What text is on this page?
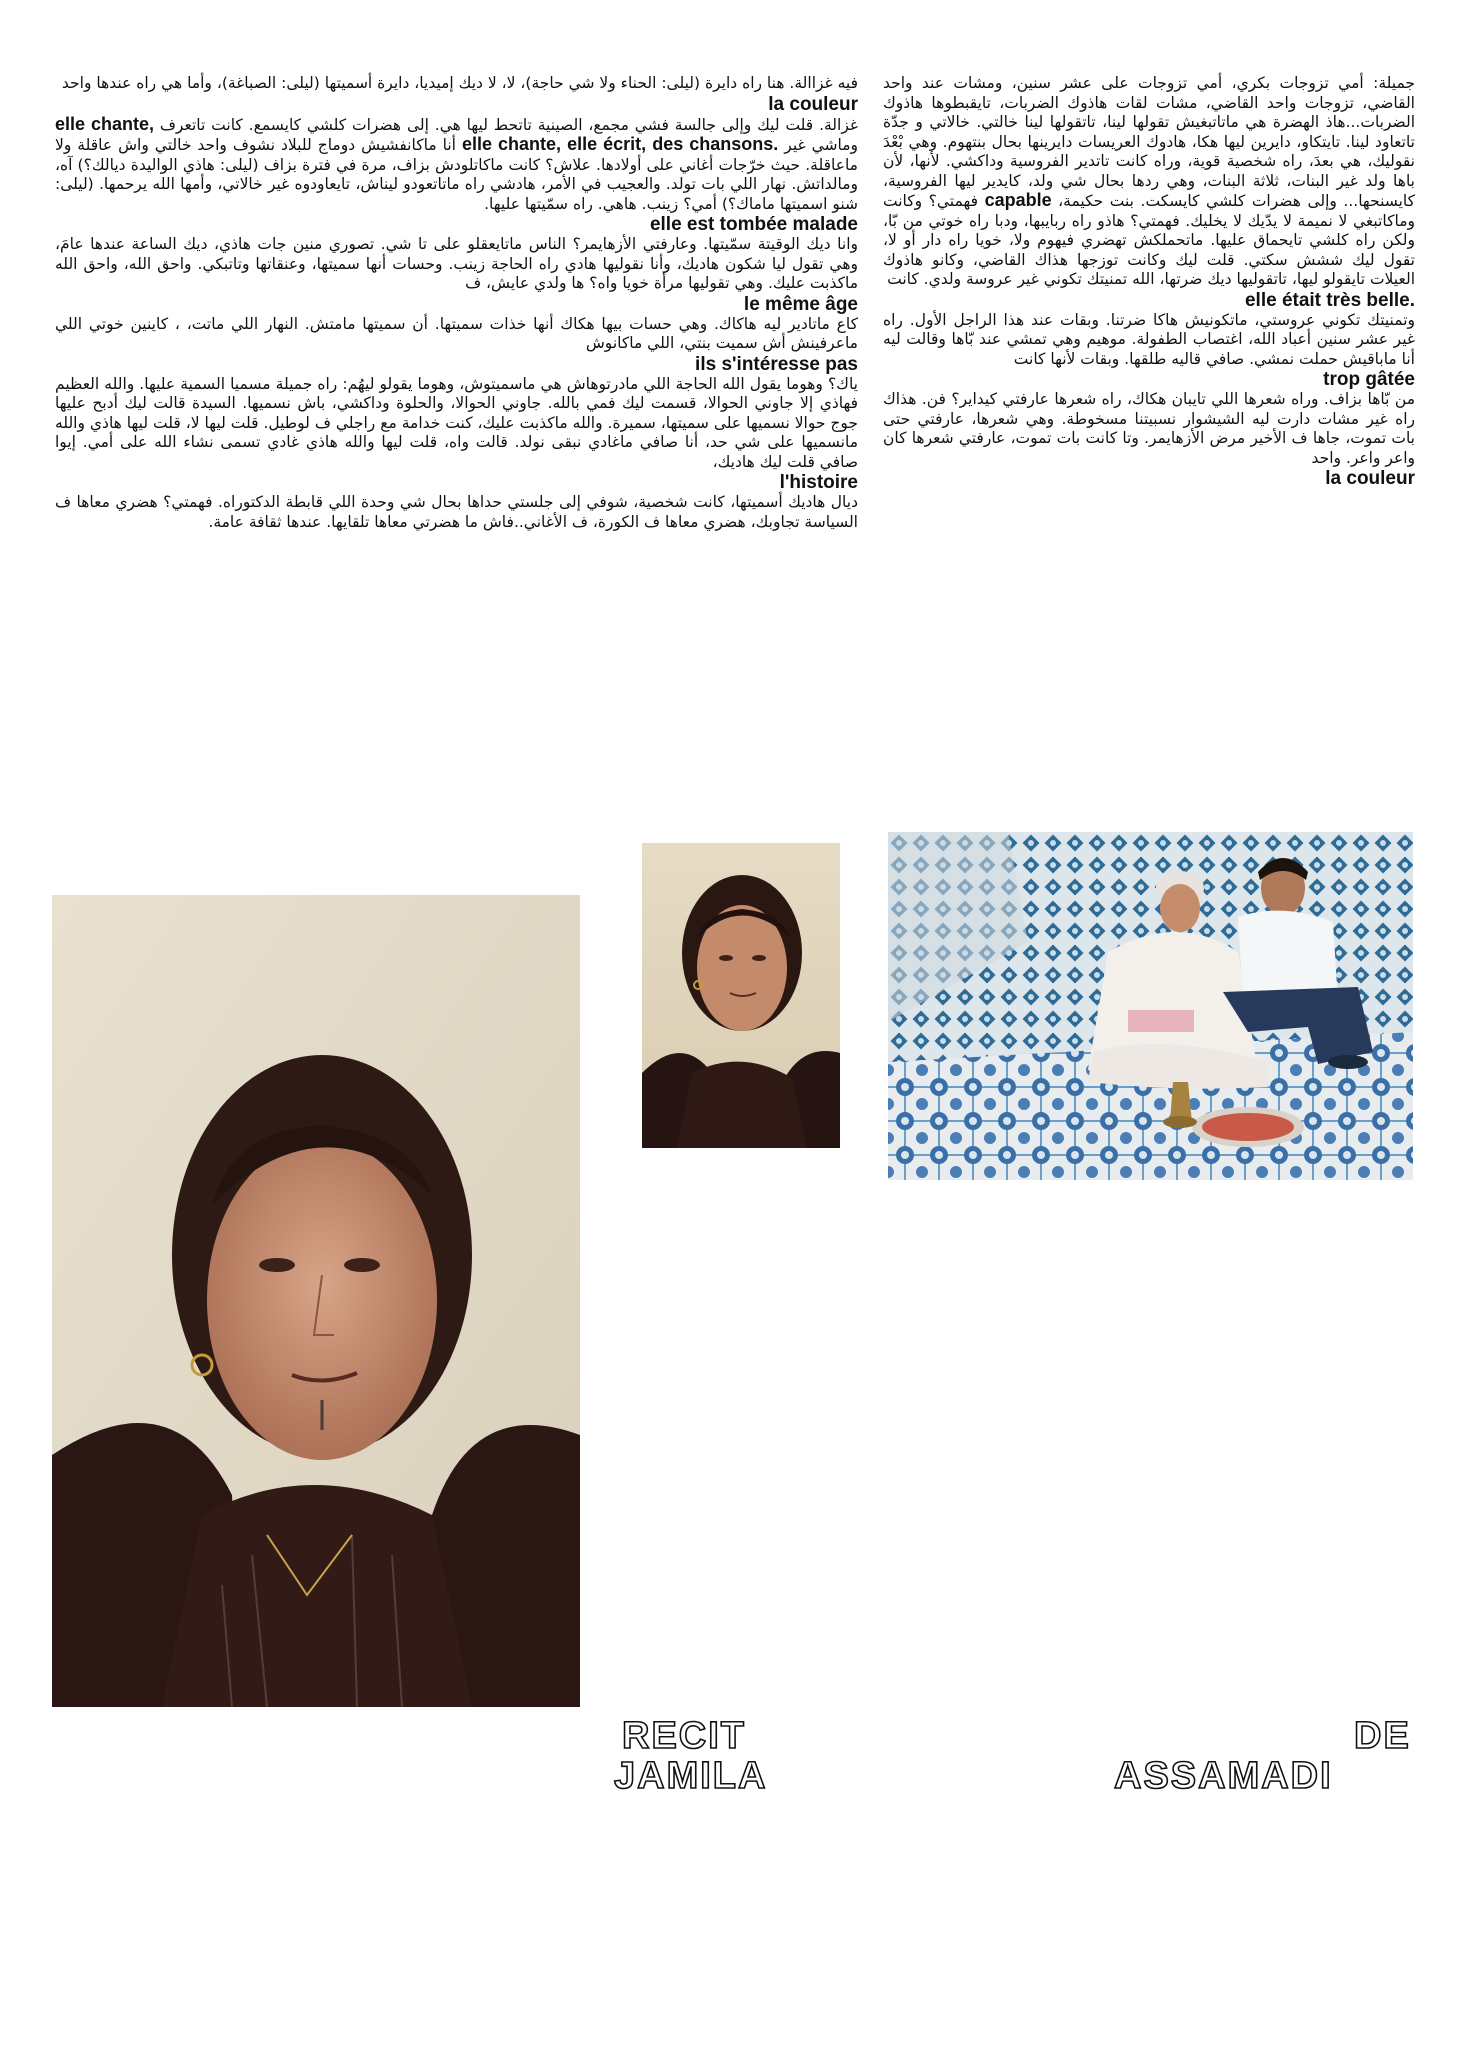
جميلة: أمي تزوجات بكري، أمي تزوجات على عشر سنين، ومشات عند واحد القاضي، تزوجات واحد القاضي، مشات لقات هاذوك الضربات، تايقبطوها هاذوك الضربات...هاذ الهضرة هي ماتاتبغيش تقولها لينا، تاتقولها لينا خالتي. خالاتي و جدّة تاتعاود لينا. تايتكاو، دايرين ليها هكا، هادوك العريسات دايرينها بحال بنتهوم. وهي بْعْدَ نقوليك، هي بعدَ، راه شخصية قوية، وراه كانت تاتدير الفروسية وداكشي. لأنها، لأن باها ولد غير البنات، ثلاثة البنات، وهي ردها بحال شي ولد، كايدير ليها الفروسية، كايسنحها... وإلى هضرات كلشي كايسكت. بنت حكيمة، capable فهمتي؟ وكانت وماكاتبغي لا نميمة لا يدّيك لا يخليك. فهمتي؟ هاذو راه ربايبها، ودبا راه خوتي من بّا، ولكن راه كلشي تايحماق عليها. ماتحملكش تهضري فيهوم ولا، خويا راه دار أو لا، تقول ليك ششش سكتي. قلت ليك وكانت توزجها هذاك القاضي، وكانو هاذوك العيلات تايقولو ليها، تاتقوليها ديك ضرتها، الله تمنيتك تكوني غير عروسة ولدي. كانت

elle était très belle.

وتمنيتك تكوني عروستي، ماتكونيش هاكا ضرتنا. وبقات عند هذا الراجل الأول. راه غير عشر سنين أعباد الله، اغتصاب الطفولة. موهيم وهي تمشي عند بّاها وقالت ليه أنا ماباقيش حملت نمشي. صافي قاليه طلقها. وبقات لأنها كانت

trop gâtée

من بّاها بزاف. وراه شعرها اللي تايبان هكاك، راه شعرها عارفتي كيداير؟ فن. هذاك راه غير مشات دارت ليه الشيشوار نسبيتنا مسخوطة. وهي شعرها، عارفتي حتى بات تموت، جاها ف الأخير مرض الأزهايمر. وتا كانت بات تموت، عارفتي شعرها كان واعر واعر. واحد

la couleur

فيه غزاالة. هنا راه دايرة (ليلى: الحناء ولا شي حاجة)، لا، لا ديك إميديا، دايرة أسميتها (ليلى: الصباغة)، وأما هي راه عندها واحد

la couleur

غزالة. قلت ليك وإلى جالسة فشي مجمع، الصينية تاتحط ليها هي. إلى هضرات كلشي كايسمع. كانت تاتعرف elle chante, وماشي غير elle chante, elle écrit, des chansons. أنا ماكانفشيش دوماج للبلاد نشوف واحد خالتي واش عاقلة ولا ماعاقلة. حيث خرّجات أغاني على أولادها. علاش؟ كانت ماكاتلودش بزاف، مرة في فترة بزاف (ليلى: هاذي الواليدة ديالك؟) آه، ومالداتش. نهار اللي بات تولد. والعجيب في الأمر، هادشي راه ماتاتعودو ليناش، تايعاودوه غير خالاتي، وأمها الله يرحمها. (ليلى: شنو اسميتها ماماك؟) أمي؟ زينب. هاهي. راه سمّيتها عليها.

elle est tombée malade

وانا ديك الوقيتة سمّيتها. وعارفتي الأزهايمر؟ الناس ماتايعقلو على تا شي. تصوري منين جات هاذي، ديك الساعة عندها عامَ، وهي تقول ليا شكون هاديك، وأنا نقوليها هادي راه الحاجة زينب. وحسات أنها سميتها، وعنقاتها وتاتبكي. واحق الله، واحق الله ماكذبت عليك. وهي تقوليها مرأة خويا واه؟ ها ولدي عايش، ف

le même âge

كاع ماتادير ليه هاكاك. وهي حسات بيها هكاك أنها خذات سميتها. أن سميتها مامتش. النهار اللي ماتت، ، كاينين خوتي اللي ماعرفينش أش سميت بنتي، اللي ماكانوش

ils s'intéresse pas

ياك؟ وهوما يقول الله الحاجة اللي مادرتوهاش هي ماسميتوش، وهوما يقولو ليهُم: راه جميلة مسميا السمية عليها. والله العظيم فهاذي إلا جاوني الحوالا، قسمت ليك فمي بالله. جاوني الحوالا، والحلوة وداكشي، باش نسميها. السيدة قالت ليك أدبح عليها جوج حوالا نسميها على سميتها، سميرة. والله ماكذبت عليك، كنت خدامة مع راجلي ف لوطيل. قلت ليها لا، قلت ليها هاذي والله مانسميها على شي حد، أنا صافي ماغادي نبقى نولد. قالت واه، قلت ليها والله هاذي غادي تسمى نشاء الله على أمي. إيوا صافي قلت ليك هاديك،

l'histoire

ديال هاديك أسميتها، كانت شخصية، شوفي إلى جلستي حداها بحال شي وحدة اللي قابطة الدكتوراه. فهمتي؟ هضري معاها ف السياسة تجاوبك، هضري معاها ف الكورة، ف الأغاني..فاش ما هضرتي معاها تلقايها. عندها ثقافة عامة.

RECIT
JAMILA
DE
ASSAMADI
